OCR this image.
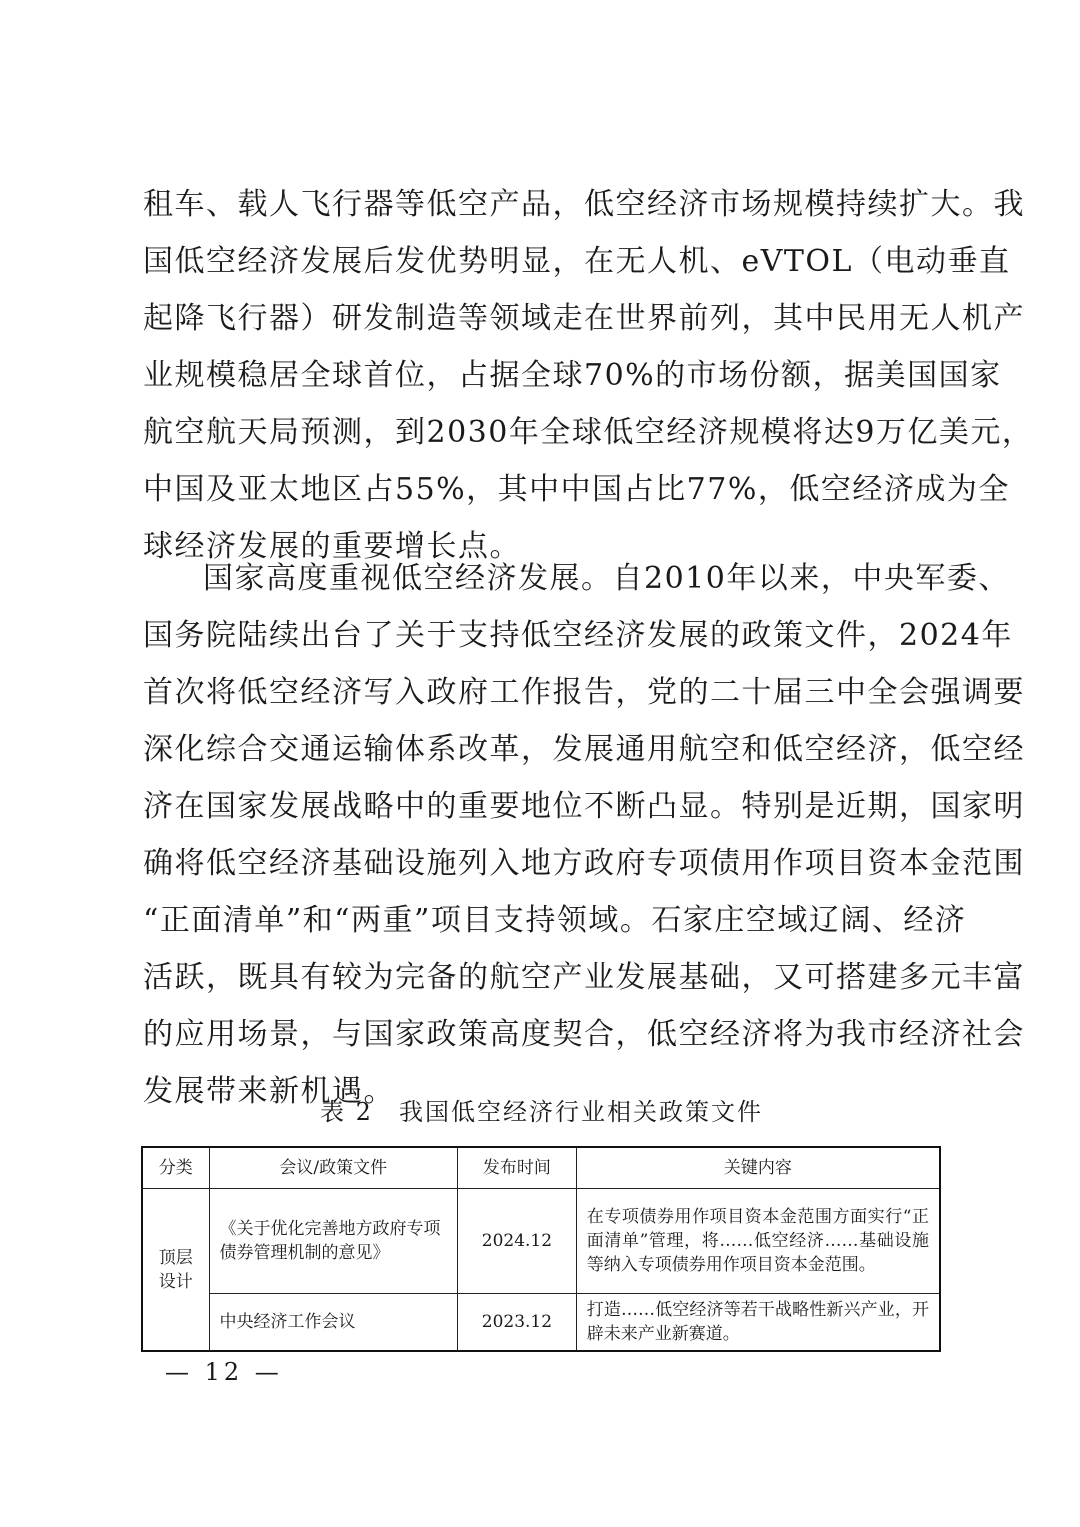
租车、载人飞行器等低空产品，低空经济市场规模持续扩大。我
国低空经济发展后发优势明显，在无人机、eVTOL（电动垂直
起降飞行器）研发制造等领域走在世界前列，其中民用无人机产
业规模稳居全球首位，占据全球70%的市场份额，据美国国家
航空航天局预测，到2030年全球低空经济规模将达9万亿美元，
中国及亚太地区占55%，其中中国占比77%，低空经济成为全
球经济发展的重要增长点。
国家高度重视低空经济发展。自2010年以来，中央军委、
国务院陆续出台了关于支持低空经济发展的政策文件，2024年
首次将低空经济写入政府工作报告，党的二十届三中全会强调要
深化综合交通运输体系改革，发展通用航空和低空经济，低空经
济在国家发展战略中的重要地位不断凸显。特别是近期，国家明
确将低空经济基础设施列入地方政府专项债用作项目资本金范围
“正面清单”和“两重”项目支持领域。石家庄空域辽阔、经济
活跃，既具有较为完备的航空产业发展基础，又可搭建多元丰富
的应用场景，与国家政策高度契合，低空经济将为我市经济社会
发展带来新机遇。
表 2　我国低空经济行业相关政策文件
分类	会议/政策文件	发布时间	关键内容
顶层设计	《关于优化完善地方政府专项债券管理机制的意见》	2024.12	在专项债券用作项目资本金范围方面实行“正面清单”管理，将……低空经济……基础设施等纳入专项债券用作项目资本金范围。
	中央经济工作会议	2023.12	打造……低空经济等若干战略性新兴产业，开辟未来产业新赛道。
— 12 —
